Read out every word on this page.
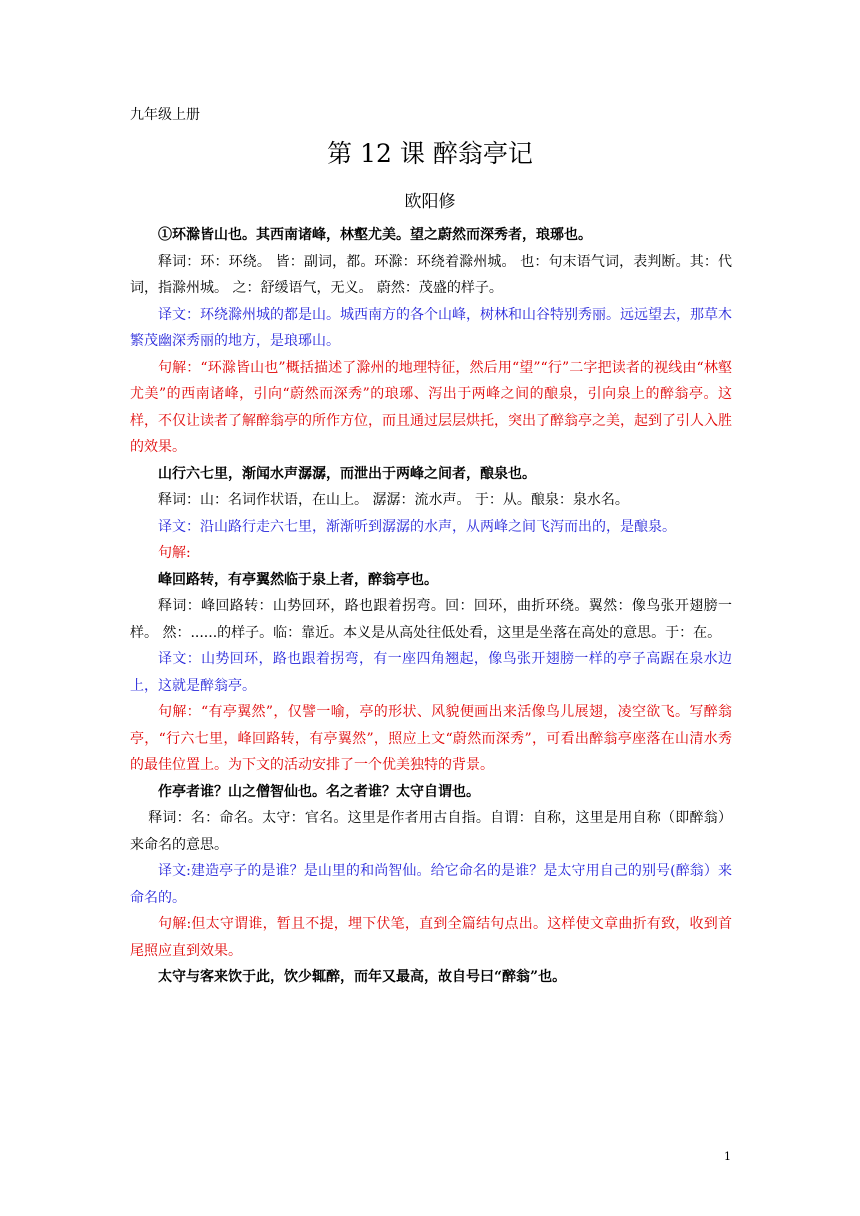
九年级上册
第 12 课 醉翁亭记
欧阳修

①环滁皆山也。其西南诸峰，林壑尤美。望之蔚然而深秀者，琅琊也。

释词：环：环绕。 皆：副词，都。环滁：环绕着滁州城。 也：句末语气词，表判断。其：代词，指滁州城。 之：舒缓语气，无义。 蔚然：茂盛的样子。

译文：环绕滁州城的都是山。城西南方的各个山峰，树林和山谷特别秀丽。远远望去，那草木繁茂幽深秀丽的地方，是琅琊山。

句解：“环滁皆山也”概括描述了滁州的地理特征，然后用“望”“行”二字把读者的视线由“林壑尤美”的西南诸峰，引向“蔚然而深秀”的琅琊、泻出于两峰之间的酿泉，引向泉上的醉翁亭。这样，不仅让读者了解醉翁亭的所作方位，而且通过层层烘托，突出了醉翁亭之美，起到了引人入胜的效果。

山行六七里，渐闻水声潺潺，而泄出于两峰之间者，酿泉也。

释词：山：名词作状语，在山上。 潺潺：流水声。 于：从。酿泉：泉水名。

译文：沿山路行走六七里，渐渐听到潺潺的水声，从两峰之间飞泻而出的，是酿泉。

句解:

峰回路转，有亭翼然临于泉上者，醉翁亭也。

释词：峰回路转：山势回环，路也跟着拐弯。回：回环，曲折环绕。翼然：像鸟张开翅膀一样。 然：......的样子。临：靠近。本义是从高处往低处看，这里是坐落在高处的意思。于：在。

译文：山势回环，路也跟着拐弯，有一座四角翘起，像鸟张开翅膀一样的亭子高踞在泉水边上，这就是醉翁亭。

句解：“有亭翼然”，仅譬一喻，亭的形状、风貌便画出来活像鸟儿展翅，凌空欲飞。写醉翁亭，“行六七里，峰回路转，有亭翼然”，照应上文“蔚然而深秀”，可看出醉翁亭座落在山清水秀的最佳位置上。为下文的活动安排了一个优美独特的背景。

作亭者谁？山之僧智仙也。名之者谁？太守自谓也。

释词：名：命名。太守：官名。这里是作者用古自指。自谓：自称，这里是用自称（即醉翁）来命名的意思。

译文:建造亭子的是谁？是山里的和尚智仙。给它命名的是谁？是太守用自己的别号(醉翁）来命名的。

句解:但太守谓谁，暂且不提，埋下伏笔，直到全篇结句点出。这样使文章曲折有致，收到首尾照应直到效果。

太守与客来饮于此，饮少辄醉，而年又最高，故自号曰“醉翁”也。

1
